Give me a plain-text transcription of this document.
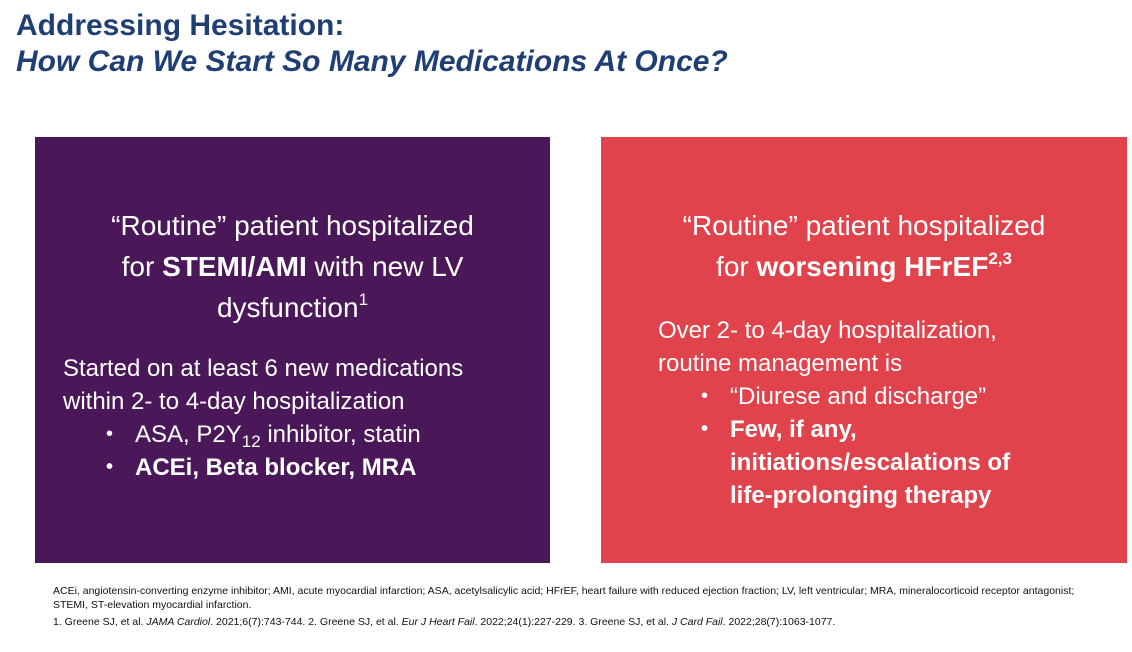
Addressing Hesitation:

How Can We Start So Many Medications At Once?

“Routine” patient hospitalized
for STEMI/AMI with new LV
dysfunction$^1$
Started on at least 6 new medications
within 2- to 4-day hospitalization
• ASA, $P2Y_{12}$ inhibitor, statin
• ACEi, Beta blocker, MRA
“Routine” patient hospitalized
for worsening HFrEF$^{2,3}$
Over 2- to 4-day hospitalization,
routine management is
• “Diurese and discharge”
• Few, if any,
initiations/escalations of
life-prolonging therapy

ACEi, angiotensin-converting enzyme inhibitor; AMI, acute myocardial infarction; ASA, acetylsalicylic acid; HFrEF, heart failure with reduced ejection fraction; LV, left ventricular; MRA, mineralocorticoid receptor antagonist; STEMI, ST-elevation myocardial infarction.

1. Greene SJ, et al. JAMA Cardiol. 2021;6(7):743-744. 2. Greene SJ, et al. Eur J Heart Fail. 2022;24(1):227-229. 3. Greene SJ, et al. J Card Fail. 2022;28(7):1063-1077.
